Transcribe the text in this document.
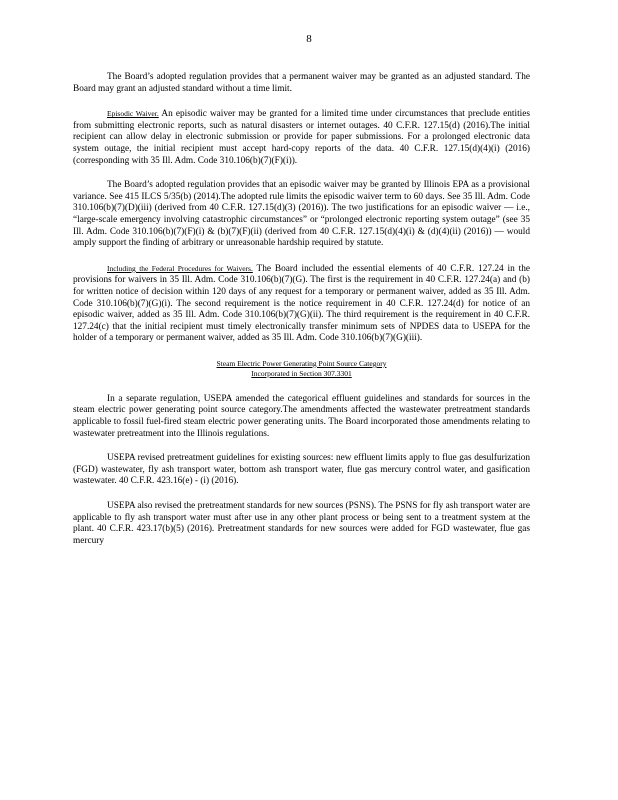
8

The Board’s adopted regulation provides that a permanent waiver may be granted as an adjusted standard. The Board may grant an adjusted standard without a time limit.

Episodic Waiver. An episodic waiver may be granted for a limited time under circumstances that preclude entities from submitting electronic reports, such as natural disasters or internet outages. 40 C.F.R. 127.15(d) (2016).The initial recipient can allow delay in electronic submission or provide for paper submissions. For a prolonged electronic data system outage, the initial recipient must accept hard-copy reports of the data. 40 C.F.R. 127.15(d)(4)(i) (2016) (corresponding with 35 Ill. Adm. Code 310.106(b)(7)(F)(i)).

The Board’s adopted regulation provides that an episodic waiver may be granted by Illinois EPA as a provisional variance. See 415 ILCS 5/35(b) (2014).The adopted rule limits the episodic waiver term to 60 days. See 35 Ill. Adm. Code 310.106(b)(7)(D)(iii) (derived from 40 C.F.R. 127.15(d)(3) (2016)). The two justifications for an episodic waiver — i.e., “large-scale emergency involving catastrophic circumstances” or “prolonged electronic reporting system outage” (see 35 Ill. Adm. Code 310.106(b)(7)(F)(i) & (b)(7)(F)(ii) (derived from 40 C.F.R. 127.15(d)(4)(i) & (d)(4)(ii) (2016)) — would amply support the finding of arbitrary or unreasonable hardship required by statute.

Including the Federal Procedures for Waivers. The Board included the essential elements of 40 C.F.R. 127.24 in the provisions for waivers in 35 Ill. Adm. Code 310.106(b)(7)(G). The first is the requirement in 40 C.F.R. 127.24(a) and (b) for written notice of decision within 120 days of any request for a temporary or permanent waiver, added as 35 Ill. Adm. Code 310.106(b)(7)(G)(i). The second requirement is the notice requirement in 40 C.F.R. 127.24(d) for notice of an episodic waiver, added as 35 Ill. Adm. Code 310.106(b)(7)(G)(ii). The third requirement is the requirement in 40 C.F.R. 127.24(c) that the initial recipient must timely electronically transfer minimum sets of NPDES data to USEPA for the holder of a temporary or permanent waiver, added as 35 Ill. Adm. Code 310.106(b)(7)(G)(iii).

Steam Electric Power Generating Point Source Category

Incorporated in Section 307.3301

In a separate regulation, USEPA amended the categorical effluent guidelines and standards for sources in the steam electric power generating point source category.The amendments affected the wastewater pretreatment standards applicable to fossil fuel-fired steam electric power generating units. The Board incorporated those amendments relating to wastewater pretreatment into the Illinois regulations.

USEPA revised pretreatment guidelines for existing sources: new effluent limits apply to flue gas desulfurization (FGD) wastewater, fly ash transport water, bottom ash transport water, flue gas mercury control water, and gasification wastewater. 40 C.F.R. 423.16(e) - (i) (2016).

USEPA also revised the pretreatment standards for new sources (PSNS). The PSNS for fly ash transport water are applicable to fly ash transport water must after use in any other plant process or being sent to a treatment system at the plant. 40 C.F.R. 423.17(b)(5) (2016). Pretreatment standards for new sources were added for FGD wastewater, flue gas mercury
